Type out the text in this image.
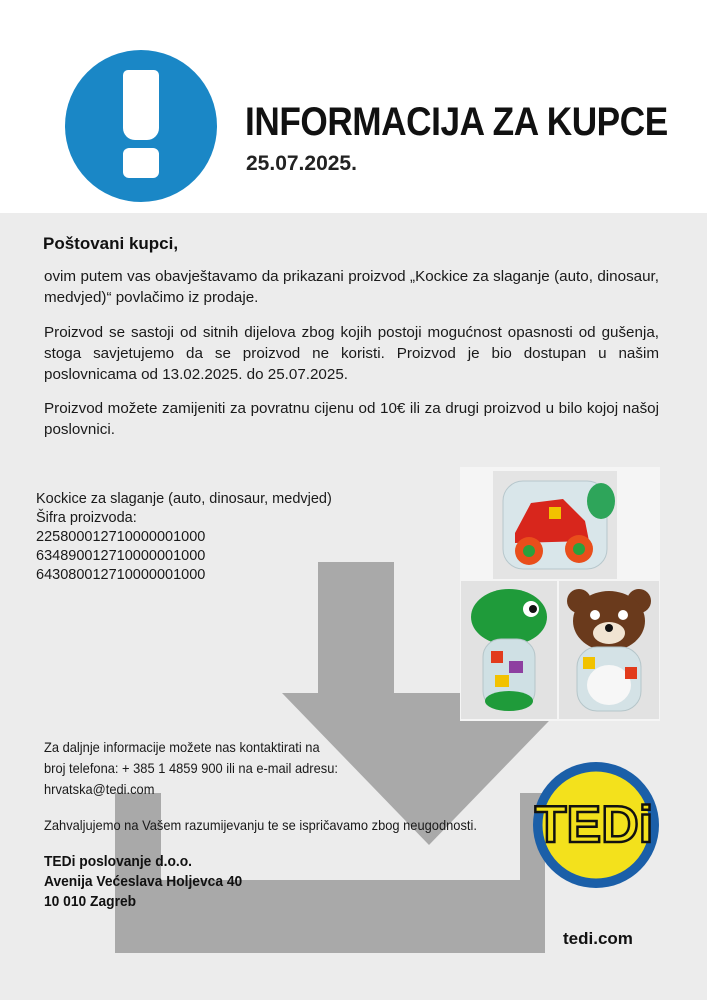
INFORMACIJA ZA KUPCE
25.07.2025.
Poštovani kupci,
ovim putem vas obavještavamo da prikazani proizvod „Kockice za slaganje (auto, dinosaur, medvjed)“ povlačimo iz prodaje.
Proizvod se sastoji od sitnih dijelova zbog kojih postoji mogućnost opasnosti od gušenja, stoga savjetujemo da se proizvod ne koristi. Proizvod je bio dostupan u našim poslovnicama od 13.02.2025. do 25.07.2025.
Proizvod možete zamijeniti za povratnu cijenu od 10€ ili za drugi proizvod u bilo kojoj našoj poslovnici.
Kockice za slaganje (auto, dinosaur, medvjed)
Šifra proizvoda:
225800012710000001000
634890012710000001000
643080012710000001000
Za daljnje informacije možete nas kontaktirati na
broj telefona: + 385 1 4859 900 ili na e-mail adresu:
hrvatska@tedi.com
Zahvaljujemo na Vašem razumijevanju te se ispričavamo zbog neugodnosti.
TEDi poslovanje d.o.o.
Avenija Većeslava Holjevca 40
10 010 Zagreb
TEDi
tedi.com
